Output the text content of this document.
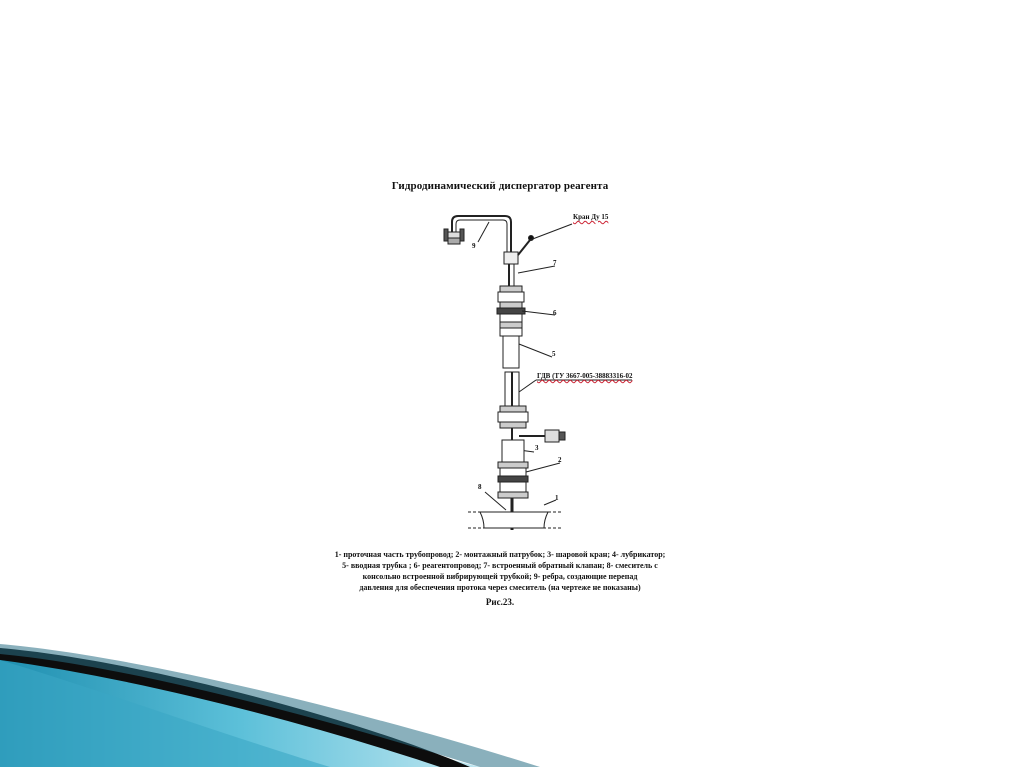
Гидродинамический диспергатор реагента
Кран Ду 15
9
7
6
5
ГДВ (ТУ 3667-005-38883316-02
3
2
8
1
1- проточная часть трубопровод; 2- монтажный патрубок; 3- шаровой кран; 4- лубрикатор;
5- вводная трубка ; 6- реагентопровод; 7- встроенный обратный клапан; 8- смеситель с
консольно встроенной вибрирующей трубкой; 9- ребра, создающие перепад
давления для обеспечения протока через смеситель (на чертеже не показаны)
Рис.23.
